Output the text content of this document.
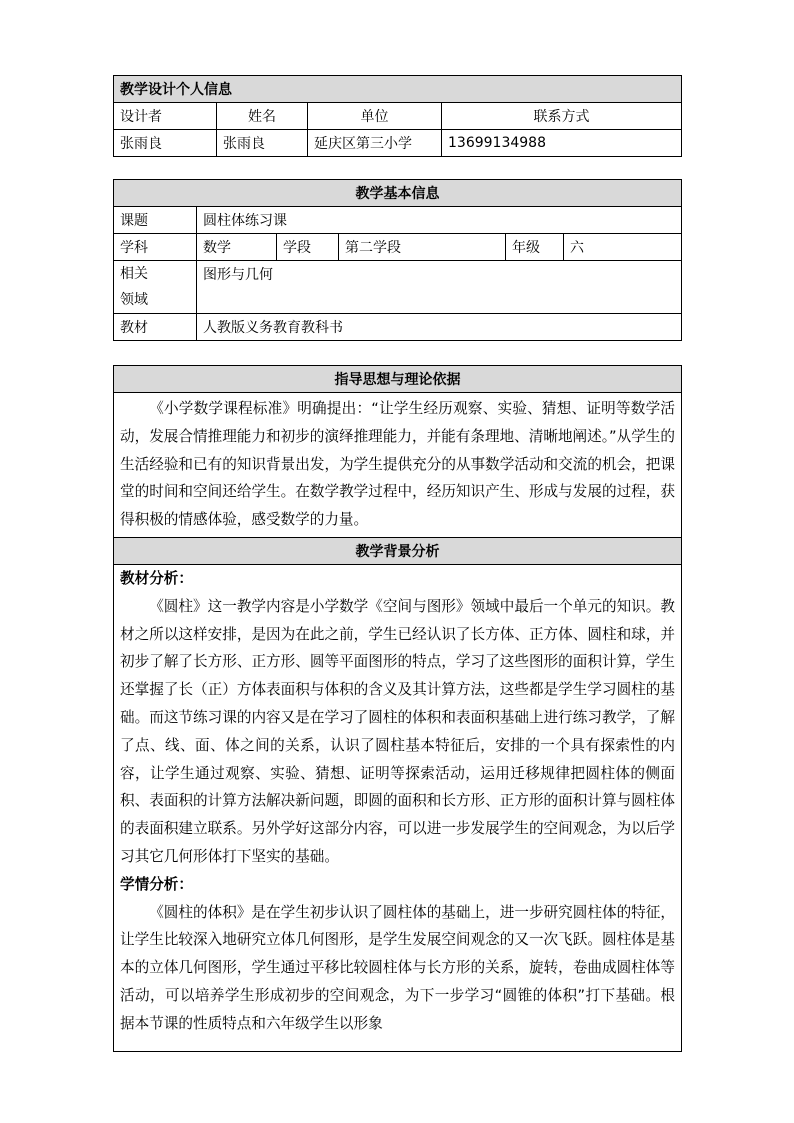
教学设计个人信息			
设计者	姓名	单位	联系方式
张雨良	张雨良	延庆区第三小学	13699134988
教学基本信息					
课题	圆柱体练习课				
学科	数学	学段	第二学段	年级	六

相关
领域	图形与几何				
教材	人教版义务教育教科书				
指导思想与理论依据
《小学数学课程标准》明确提出：“让学生经历观察、实验、猜想、证明等数学活动，发展合情推理能力和初步的演绎推理能力，并能有条理地、清晰地阐述。”从学生的生活经验和已有的知识背景出发，为学生提供充分的从事数学活动和交流的机会，把课堂的时间和空间还给学生。在数学教学过程中，经历知识产生、形成与发展的过程，获得积极的情感体验，感受数学的力量。
教学背景分析

教材分析：

《圆柱》这一教学内容是小学数学《空间与图形》领域中最后一个单元的知识。教材之所以这样安排，是因为在此之前，学生已经认识了长方体、正方体、圆柱和球，并初步了解了长方形、正方形、圆等平面图形的特点，学习了这些图形的面积计算，学生还掌握了长（正）方体表面积与体积的含义及其计算方法，这些都是学生学习圆柱的基础。而这节练习课的内容又是在学习了圆柱的体积和表面积基础上进行练习教学，了解了点、线、面、体之间的关系，认识了圆柱基本特征后，安排的一个具有探索性的内容，让学生通过观察、实验、猜想、证明等探索活动，运用迁移规律把圆柱体的侧面积、表面积的计算方法解决新问题，即圆的面积和长方形、正方形的面积计算与圆柱体的表面积建立联系。另外学好这部分内容，可以进一步发展学生的空间观念，为以后学习其它几何形体打下坚实的基础。

学情分析：

《圆柱的体积》是在学生初步认识了圆柱体的基础上，进一步研究圆柱体的特征，让学生比较深入地研究立体几何图形，是学生发展空间观念的又一次飞跃。圆柱体是基本的立体几何图形，学生通过平移比较圆柱体与长方形的关系，旋转，卷曲成圆柱体等活动，可以培养学生形成初步的空间观念，为下一步学习“圆锥的体积”打下基础。根据本节课的性质特点和六年级学生以形象
